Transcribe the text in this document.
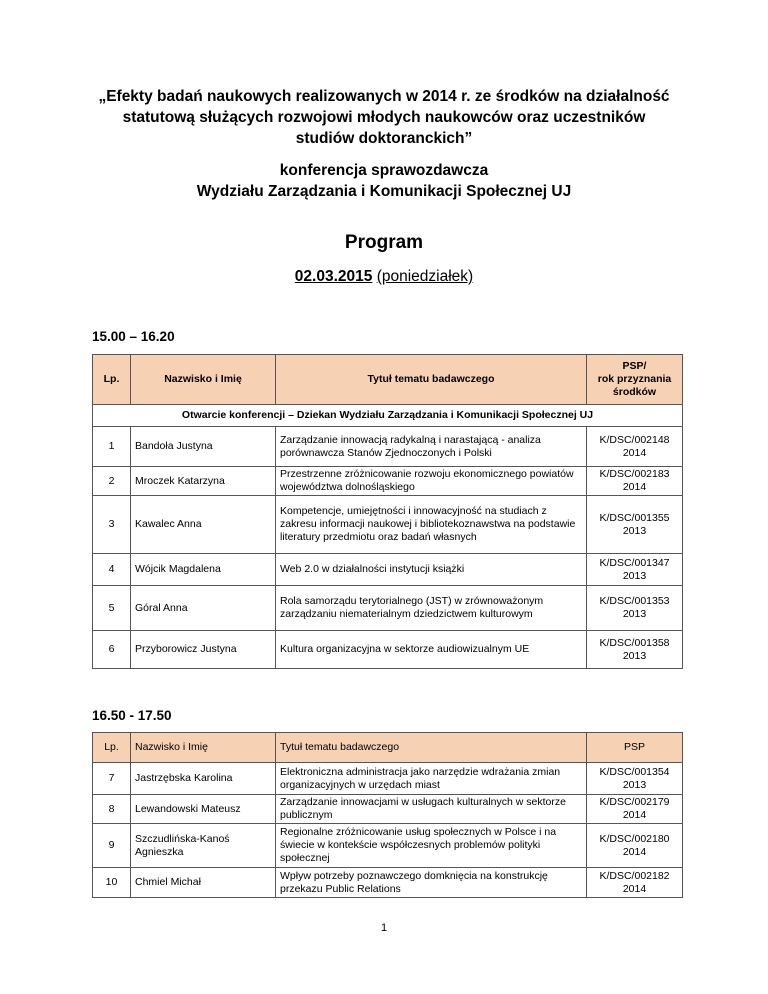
„Efekty badań naukowych realizowanych w 2014 r. ze środków na działalność
statutową służących rozwojowi młodych naukowców oraz uczestników
studiów doktoranckich”
konferencja sprawozdawcza
Wydziału Zarządzania i Komunikacji Społecznej UJ
Program
02.03.2015 (poniedziałek)
15.00 – 16.20
Lp.	Nazwisko i Imię	Tytuł tematu badawczego	PSP/
rok przyznania
środków
Otwarcie konferencji – Dziekan Wydziału Zarządzania i Komunikacji Społecznej UJ			
1	Bandoła Justyna	Zarządzanie innowacją radykalną i narastającą - analiza porównawcza Stanów Zjednoczonych i Polski	K/DSC/002148
2014
2	Mroczek Katarzyna	Przestrzenne zróżnicowanie rozwoju ekonomicznego powiatów województwa dolnośląskiego	K/DSC/002183
2014
3	Kawalec Anna	Kompetencje, umiejętności i innowacyjność na studiach z zakresu informacji naukowej i bibliotekoznawstwa na podstawie literatury przedmiotu oraz badań własnych	K/DSC/001355
2013
4	Wójcik Magdalena	Web 2.0 w działalności instytucji książki	K/DSC/001347
2013
5	Góral Anna	Rola samorządu terytorialnego (JST) w zrównoważonym zarządzaniu niematerialnym dziedzictwem kulturowym	K/DSC/001353
2013
6	Przyborowicz Justyna	Kultura organizacyjna w sektorze audiowizualnym UE	K/DSC/001358
2013
16.50 - 17.50
Lp.	Nazwisko i Imię	Tytuł tematu badawczego	PSP
7	Jastrzębska Karolina	Elektroniczna administracja jako narzędzie wdrażania zmian organizacyjnych w urzędach miast	K/DSC/001354
2013
8	Lewandowski Mateusz	Zarządzanie innowacjami w usługach kulturalnych w sektorze publicznym	K/DSC/002179
2014
9	Szczudlińska-Kanoś Agnieszka	Regionalne zróżnicowanie usług społecznych w Polsce i na świecie w kontekście współczesnych problemów polityki społecznej	K/DSC/002180
2014
10	Chmiel Michał	Wpływ potrzeby poznawczego domknięcia na konstrukcję przekazu Public Relations	K/DSC/002182
2014
1
